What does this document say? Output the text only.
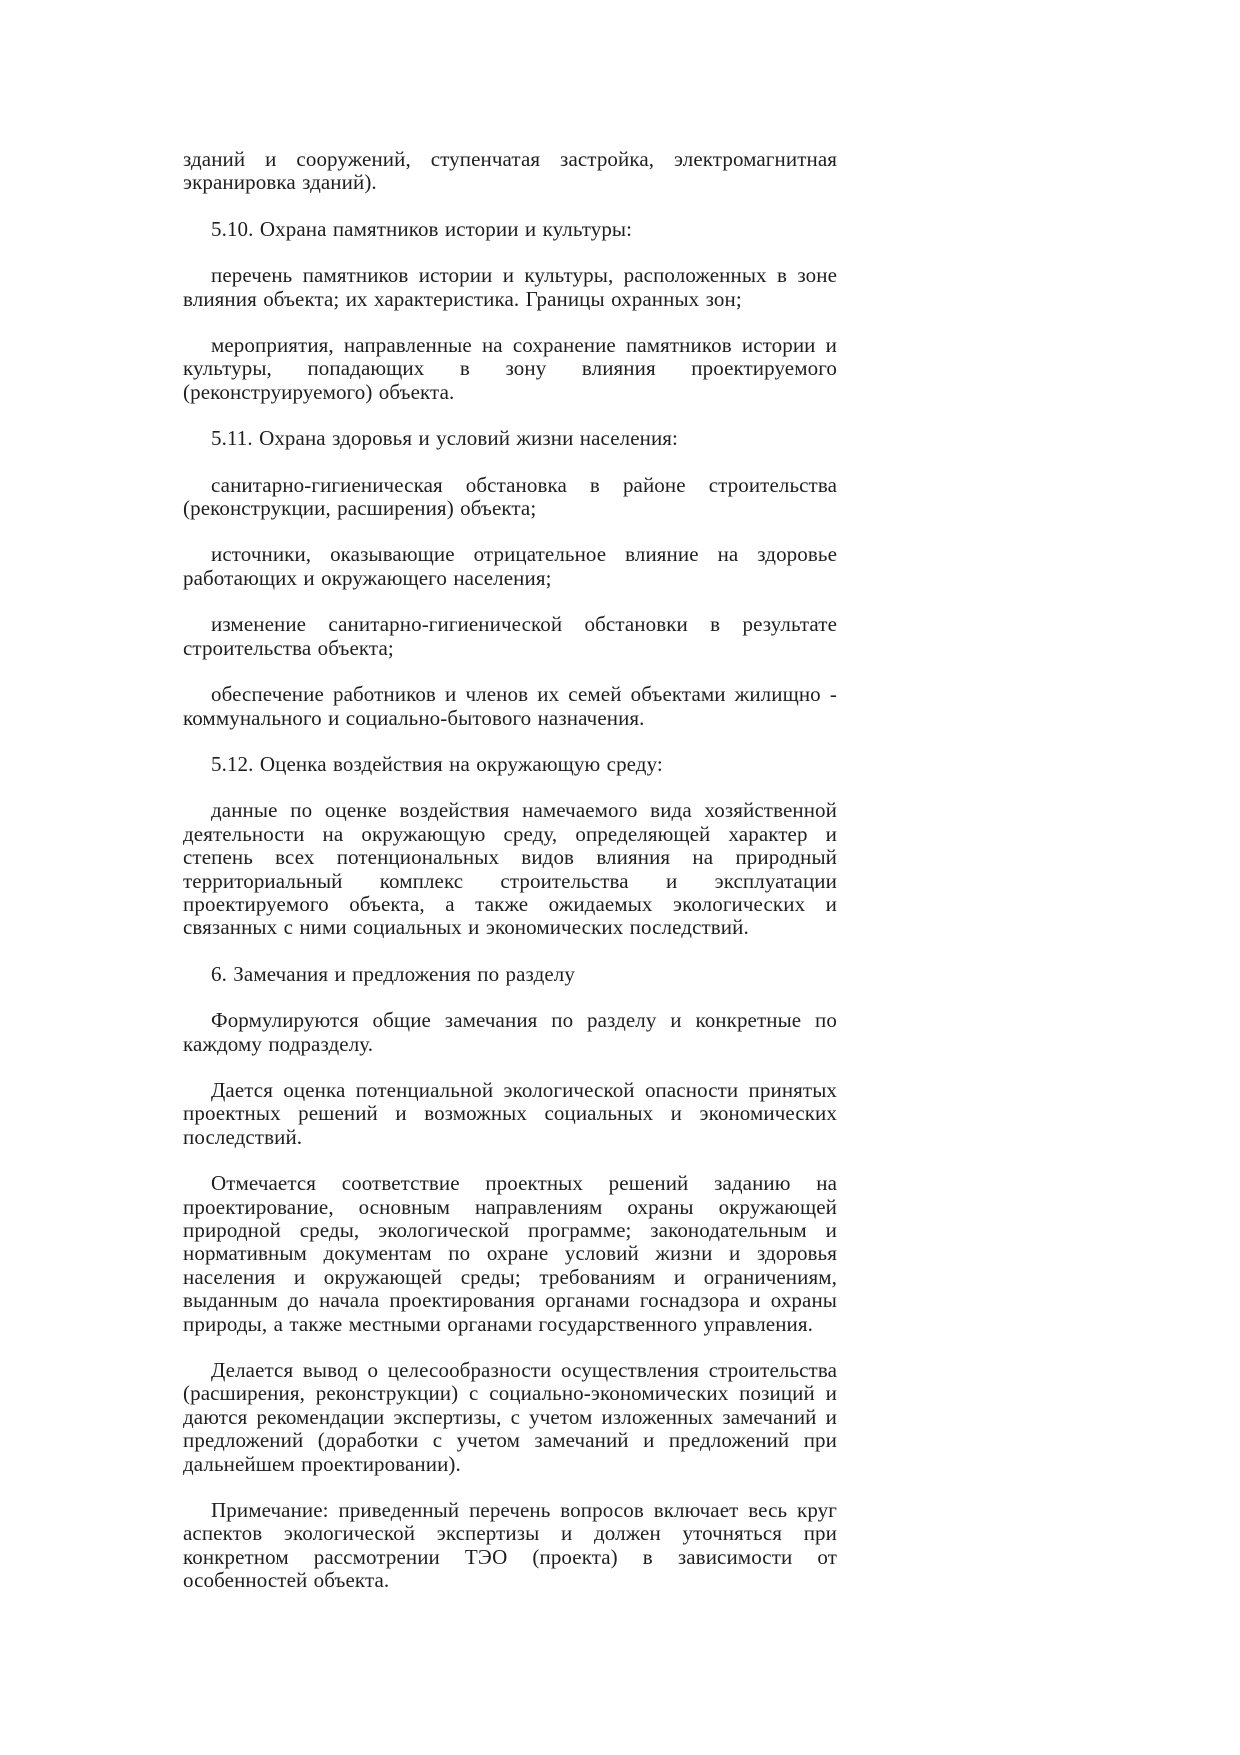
зданий и сооружений, ступенчатая застройка, электромагнитная экранировка зданий).

5.10. Охрана памятников истории и культуры:

перечень памятников истории и культуры, расположенных в зоне влияния объекта; их характеристика. Границы охранных зон;

мероприятия, направленные на сохранение памятников истории и культуры, попадающих в зону влияния проектируемого (реконструируемого) объекта.

5.11. Охрана здоровья и условий жизни населения:

санитарно-гигиеническая обстановка в районе строительства (реконструкции, расширения) объекта;

источники, оказывающие отрицательное влияние на здоровье работающих и окружающего населения;

изменение санитарно-гигиенической обстановки в результате строительства объекта;

обеспечение работников и членов их семей объектами жилищно - коммунального и социально-бытового назначения.

5.12. Оценка воздействия на окружающую среду:

данные по оценке воздействия намечаемого вида хозяйственной деятельности на окружающую среду, определяющей характер и степень всех потенциональных видов влияния на природный территориальный комплекс строительства и эксплуатации проектируемого объекта, а также ожидаемых экологических и связанных с ними социальных и экономических последствий.

6. Замечания и предложения по разделу

Формулируются общие замечания по разделу и конкретные по каждому подразделу.

Дается оценка потенциальной экологической опасности принятых проектных решений и возможных социальных и экономических последствий.

Отмечается соответствие проектных решений заданию на проектирование, основным направлениям охраны окружающей природной среды, экологической программе; законодательным и нормативным документам по охране условий жизни и здоровья населения и окружающей среды; требованиям и ограничениям, выданным до начала проектирования органами госнадзора и охраны природы, а также местными органами государственного управления.

Делается вывод о целесообразности осуществления строительства (расширения, реконструкции) с социально-экономических позиций и даются рекомендации экспертизы, с учетом изложенных замечаний и предложений (доработки с учетом замечаний и предложений при дальнейшем проектировании).

Примечание: приведенный перечень вопросов включает весь круг аспектов экологической экспертизы и должен уточняться при конкретном рассмотрении ТЭО (проекта) в зависимости от особенностей объекта.
